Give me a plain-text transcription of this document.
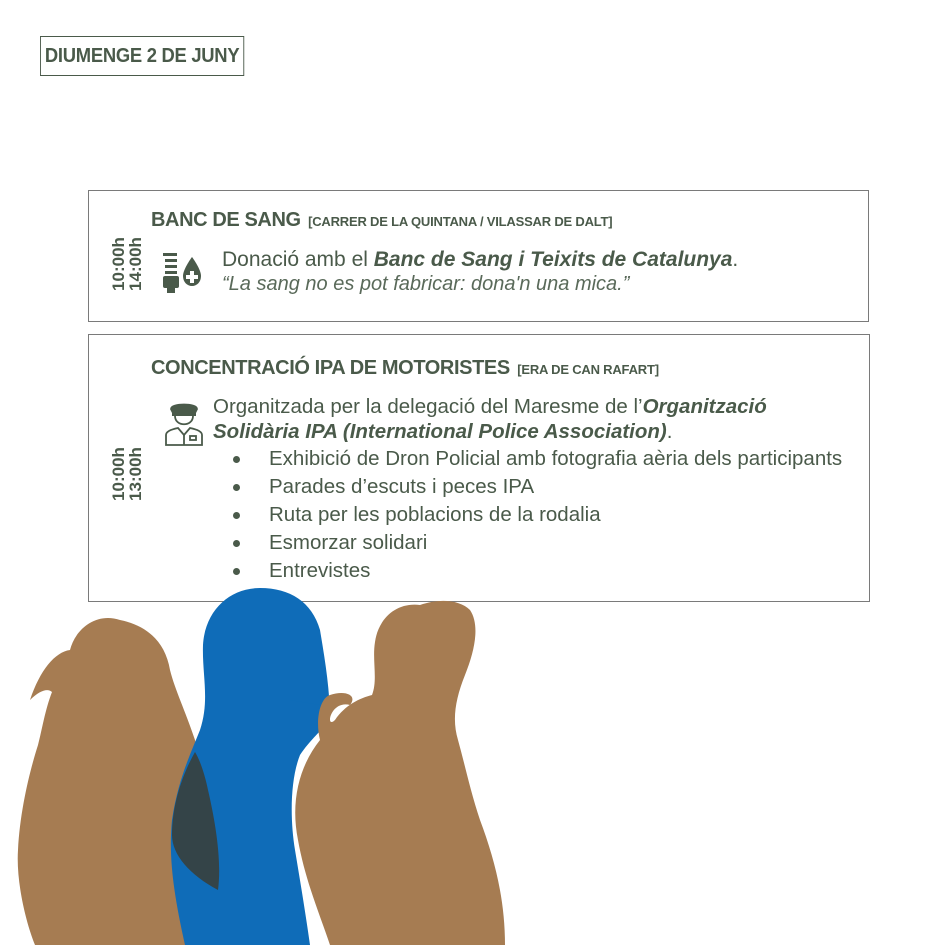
DIUMENGE 2 DE JUNY
10:00h
14:00h
BANC DE SANG [CARRER DE LA QUINTANA / VILASSAR DE DALT]
Donació amb el Banc de Sang i Teixits de Catalunya.
“La sang no es pot fabricar: dona'n una mica.”
10:00h
13:00h
CONCENTRACIÓ IPA DE MOTORISTES [ERA DE CAN RAFART]
Organitzada per la delegació del Maresme de l’Organització Solidària IPA (International Police Association).
Exhibició de Dron Policial amb fotografia aèria dels participants
Parades d’escuts i peces IPA
Ruta per les poblacions de la rodalia
Esmorzar solidari
Entrevistes
